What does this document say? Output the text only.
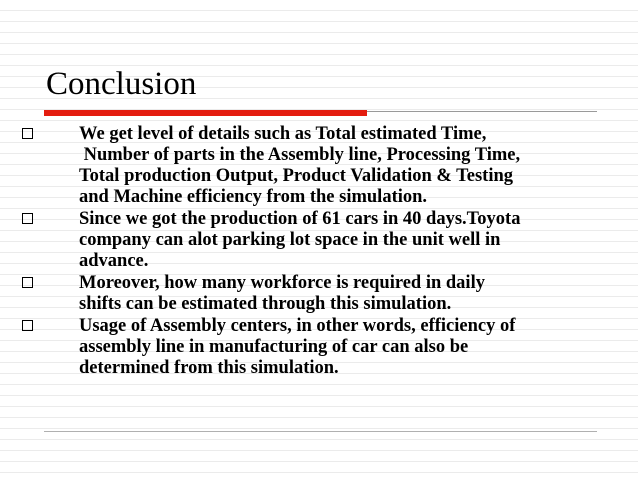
Conclusion
We get level of details such as Total estimated Time,
Number of parts in the Assembly line, Processing Time,
Total production Output, Product Validation & Testing
and Machine efficiency from the simulation.
Since we got the production of 61 cars in 40 days.Toyota
company can alot parking lot space in the unit well in
advance.
Moreover, how many workforce is required in daily
shifts can be estimated through this simulation.
Usage of Assembly centers, in other words, efficiency of
assembly line in manufacturing of car can also be
determined from this simulation.
